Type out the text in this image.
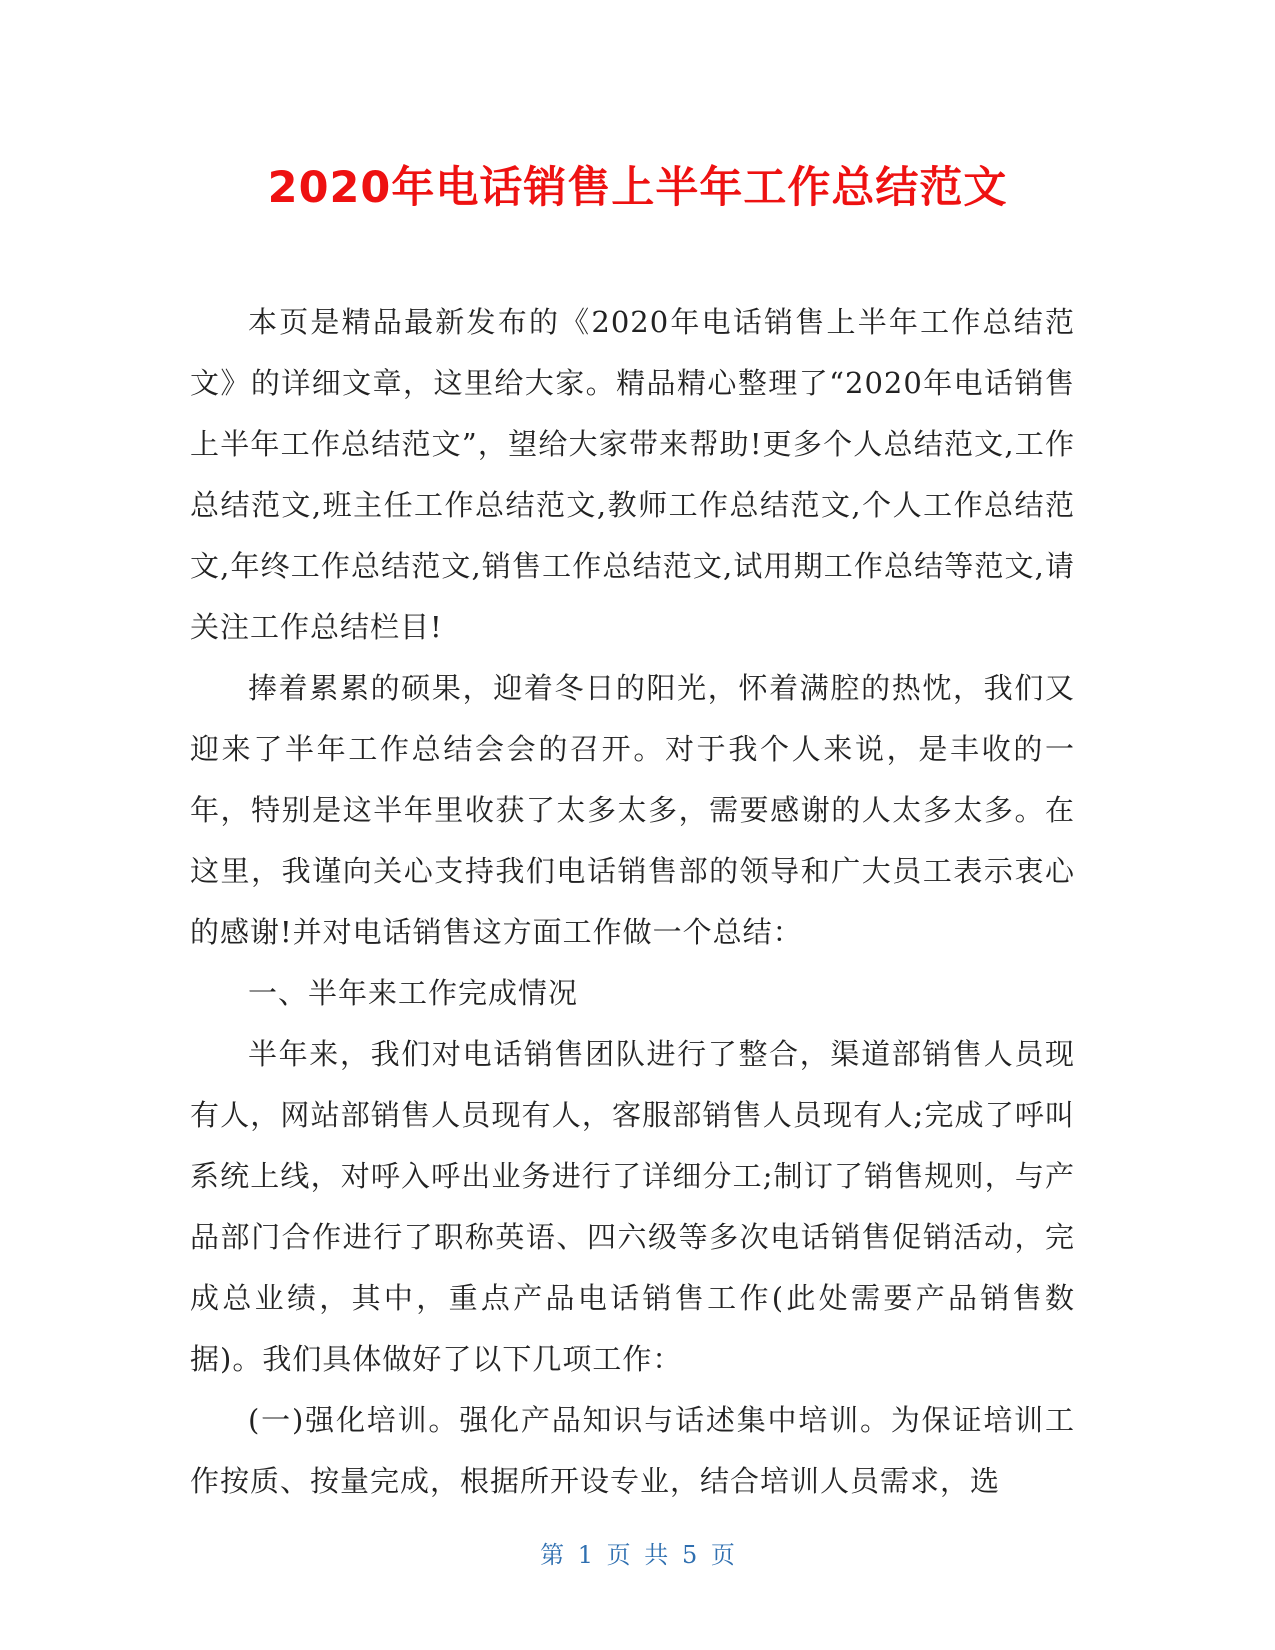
2020年电话销售上半年工作总结范文

本页是精品最新发布的《2020年电话销售上半年工作总结范文》的详细文章，这里给大家。精品精心整理了“2020年电话销售上半年工作总结范文”，望给大家带来帮助!更多个人总结范文,工作总结范文,班主任工作总结范文,教师工作总结范文,个人工作总结范文,年终工作总结范文,销售工作总结范文,试用期工作总结等范文,请关注工作总结栏目!

捧着累累的硕果，迎着冬日的阳光，怀着满腔的热忱，我们又迎来了半年工作总结会会的召开。对于我个人来说，是丰收的一年，特别是这半年里收获了太多太多，需要感谢的人太多太多。在这里，我谨向关心支持我们电话销售部的领导和广大员工表示衷心的感谢!并对电话销售这方面工作做一个总结：

一、半年来工作完成情况

半年来，我们对电话销售团队进行了整合，渠道部销售人员现有人，网站部销售人员现有人，客服部销售人员现有人;完成了呼叫系统上线，对呼入呼出业务进行了详细分工;制订了销售规则，与产品部门合作进行了职称英语、四六级等多次电话销售促销活动，完成总业绩，其中，重点产品电话销售工作(此处需要产品销售数据)。我们具体做好了以下几项工作：

(一)强化培训。强化产品知识与话述集中培训。为保证培训工作按质、按量完成，根据所开设专业，结合培训人员需求，选

第 1 页 共 5 页
